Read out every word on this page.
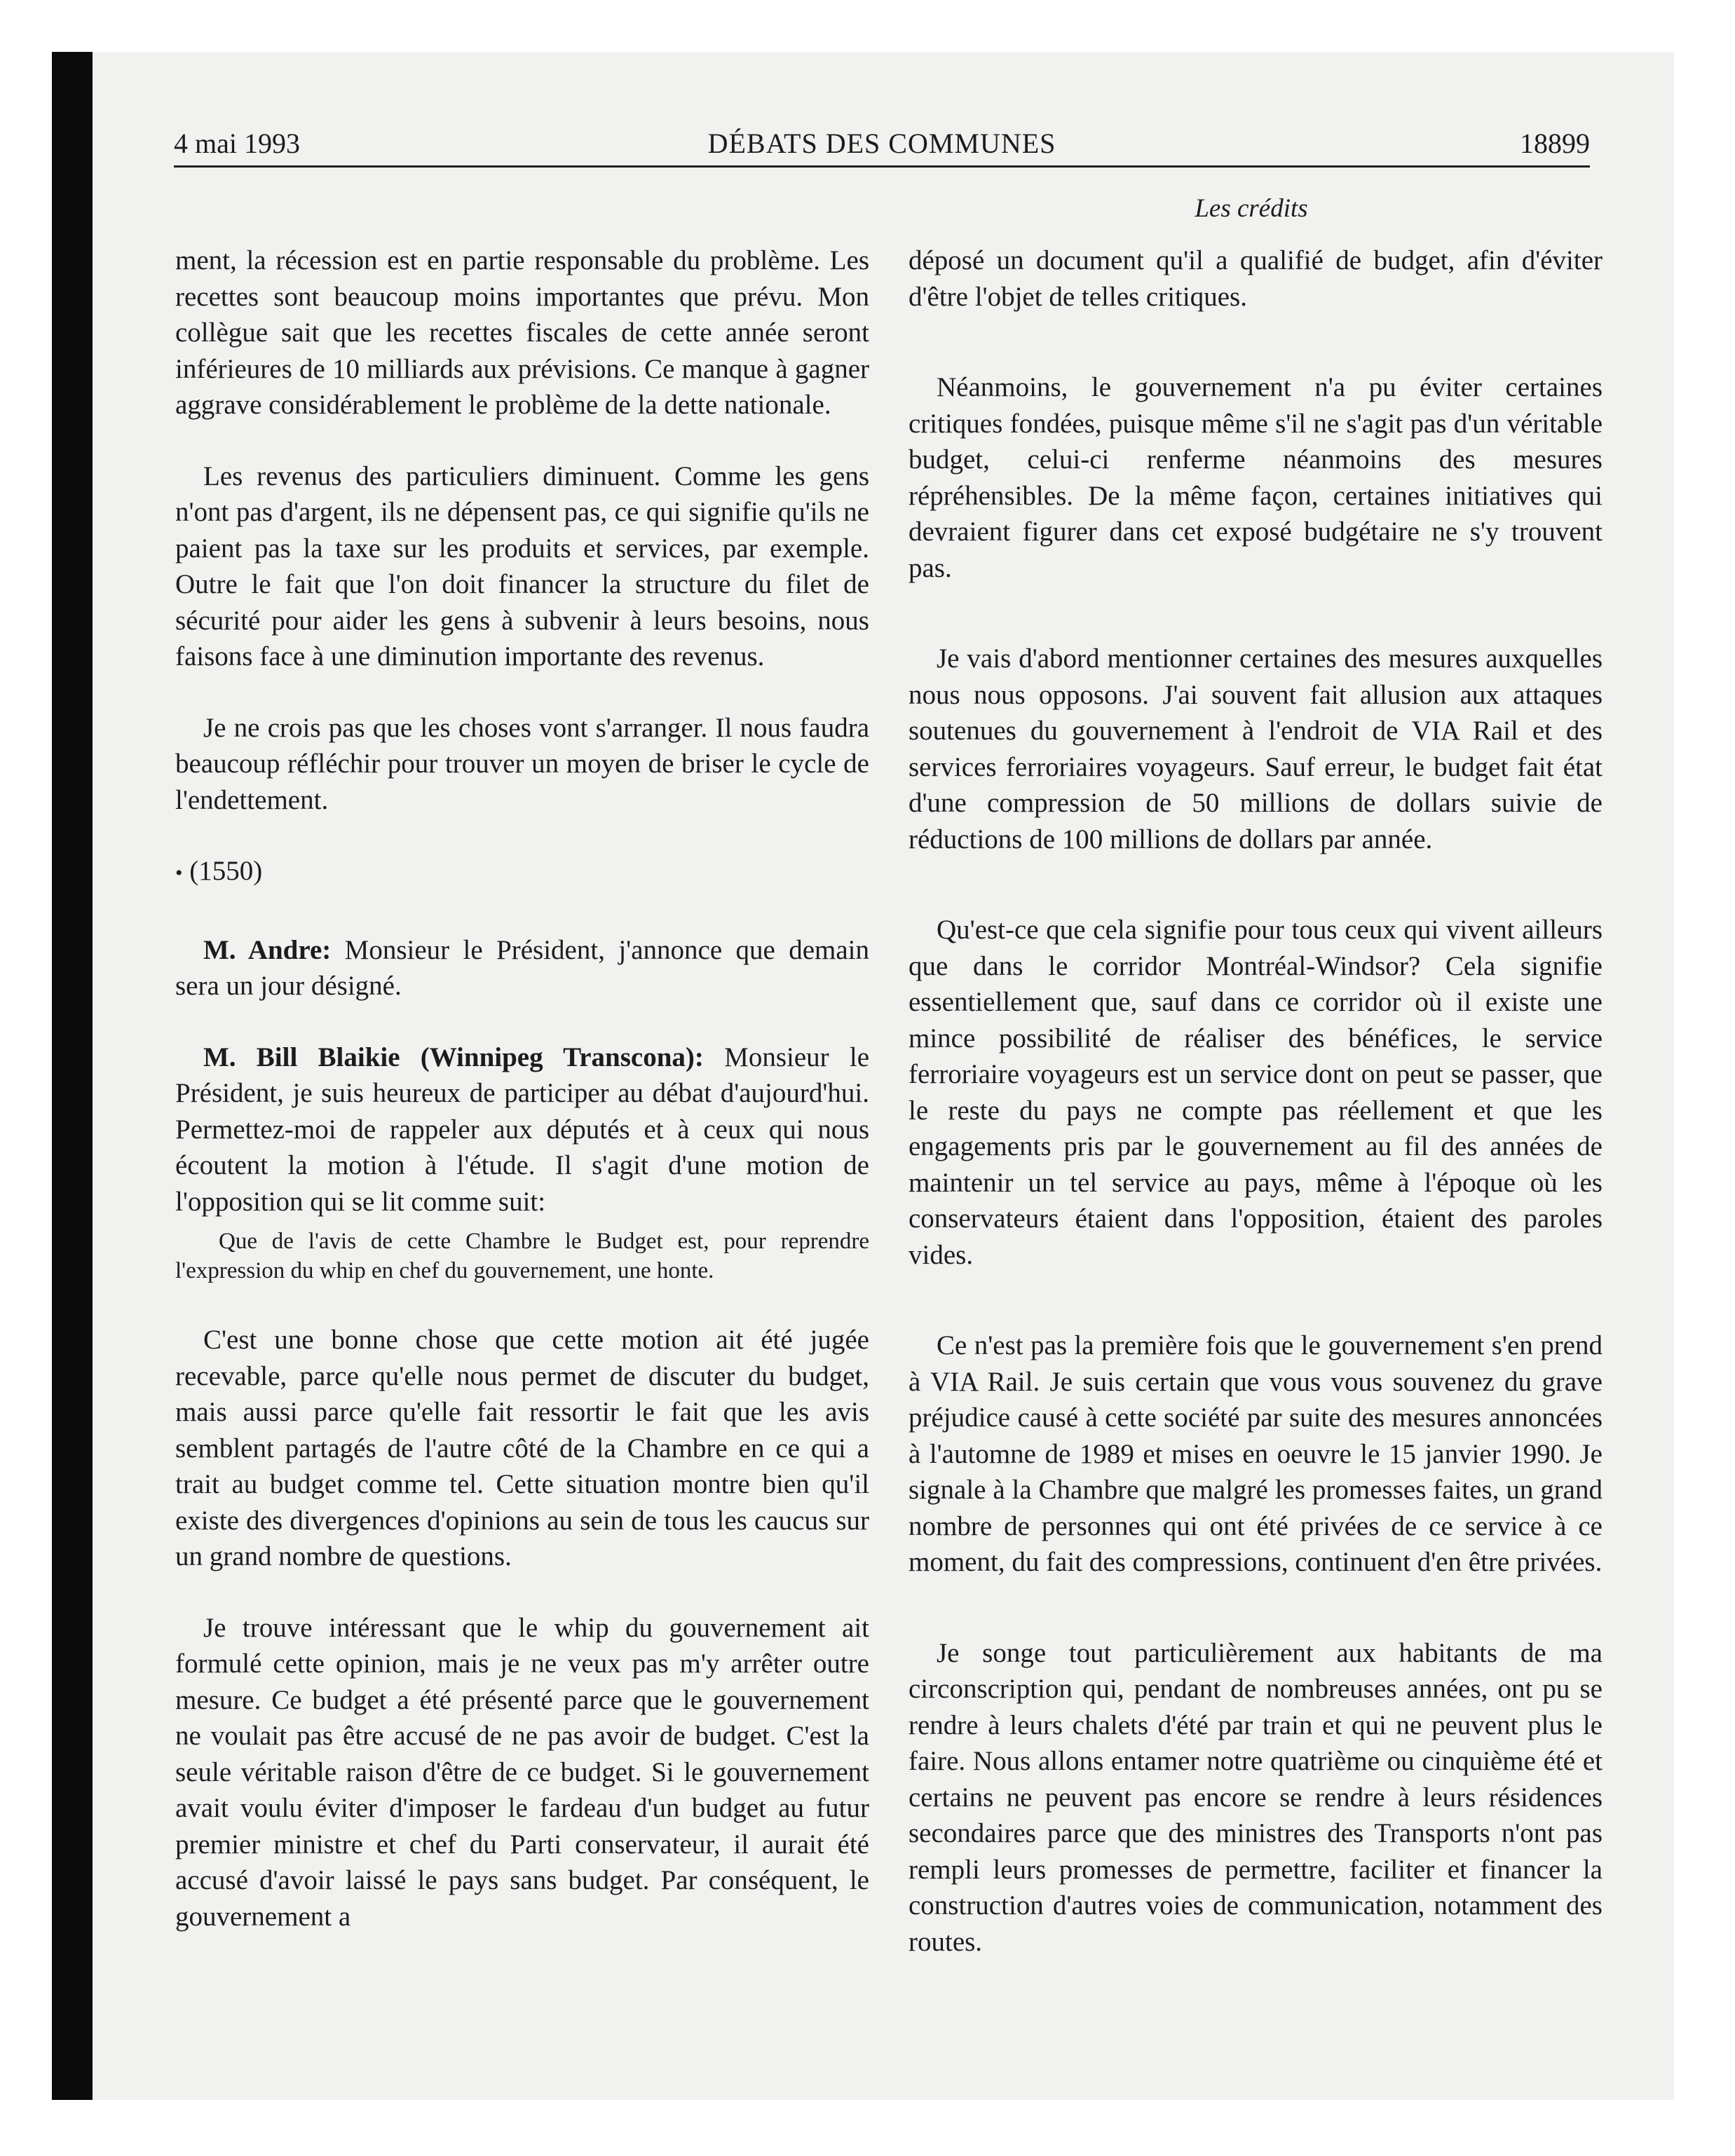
4 mai 1993	DÉBATS DES COMMUNES	18899
Les crédits

ment, la récession est en partie responsable du problème. Les recettes sont beaucoup moins importantes que prévu. Mon collègue sait que les recettes fiscales de cette année seront inférieures de 10 milliards aux prévisions. Ce manque à gagner aggrave considérablement le problème de la dette nationale.

Les revenus des particuliers diminuent. Comme les gens n'ont pas d'argent, ils ne dépensent pas, ce qui signifie qu'ils ne paient pas la taxe sur les produits et services, par exemple. Outre le fait que l'on doit financer la structure du filet de sécurité pour aider les gens à subvenir à leurs besoins, nous faisons face à une diminution importante des revenus.

Je ne crois pas que les choses vont s'arranger. Il nous faudra beaucoup réfléchir pour trouver un moyen de briser le cycle de l'endettement.

• (1550)

M. Andre: Monsieur le Président, j'annonce que demain sera un jour désigné.

M. Bill Blaikie (Winnipeg Transcona): Monsieur le Président, je suis heureux de participer au débat d'aujourd'hui. Permettez-moi de rappeler aux députés et à ceux qui nous écoutent la motion à l'étude. Il s'agit d'une motion de l'opposition qui se lit comme suit:

Que de l'avis de cette Chambre le Budget est, pour reprendre l'expression du whip en chef du gouvernement, une honte.

C'est une bonne chose que cette motion ait été jugée recevable, parce qu'elle nous permet de discuter du budget, mais aussi parce qu'elle fait ressortir le fait que les avis semblent partagés de l'autre côté de la Chambre en ce qui a trait au budget comme tel. Cette situation montre bien qu'il existe des divergences d'opinions au sein de tous les caucus sur un grand nombre de questions.

Je trouve intéressant que le whip du gouvernement ait formulé cette opinion, mais je ne veux pas m'y arrêter outre mesure. Ce budget a été présenté parce que le gouvernement ne voulait pas être accusé de ne pas avoir de budget. C'est la seule véritable raison d'être de ce budget. Si le gouvernement avait voulu éviter d'imposer le fardeau d'un budget au futur premier ministre et chef du Parti conservateur, il aurait été accusé d'avoir laissé le pays sans budget. Par conséquent, le gouvernement a

déposé un document qu'il a qualifié de budget, afin d'éviter d'être l'objet de telles critiques.

Néanmoins, le gouvernement n'a pu éviter certaines critiques fondées, puisque même s'il ne s'agit pas d'un véritable budget, celui-ci renferme néanmoins des mesures répréhensibles. De la même façon, certaines initiatives qui devraient figurer dans cet exposé budgétaire ne s'y trouvent pas.

Je vais d'abord mentionner certaines des mesures auxquelles nous nous opposons. J'ai souvent fait allusion aux attaques soutenues du gouvernement à l'endroit de VIA Rail et des services ferroriaires voyageurs. Sauf erreur, le budget fait état d'une compression de 50 millions de dollars suivie de réductions de 100 millions de dollars par année.

Qu'est-ce que cela signifie pour tous ceux qui vivent ailleurs que dans le corridor Montréal-Windsor? Cela signifie essentiellement que, sauf dans ce corridor où il existe une mince possibilité de réaliser des bénéfices, le service ferroriaire voyageurs est un service dont on peut se passer, que le reste du pays ne compte pas réellement et que les engagements pris par le gouvernement au fil des années de maintenir un tel service au pays, même à l'époque où les conservateurs étaient dans l'opposition, étaient des paroles vides.

Ce n'est pas la première fois que le gouvernement s'en prend à VIA Rail. Je suis certain que vous vous souvenez du grave préjudice causé à cette société par suite des mesures annoncées à l'automne de 1989 et mises en oeuvre le 15 janvier 1990. Je signale à la Chambre que malgré les promesses faites, un grand nombre de personnes qui ont été privées de ce service à ce moment, du fait des compressions, continuent d'en être privées.

Je songe tout particulièrement aux habitants de ma circonscription qui, pendant de nombreuses années, ont pu se rendre à leurs chalets d'été par train et qui ne peuvent plus le faire. Nous allons entamer notre quatrième ou cinquième été et certains ne peuvent pas encore se rendre à leurs résidences secondaires parce que des ministres des Transports n'ont pas rempli leurs promesses de permettre, faciliter et financer la construction d'autres voies de communication, notamment des routes.
